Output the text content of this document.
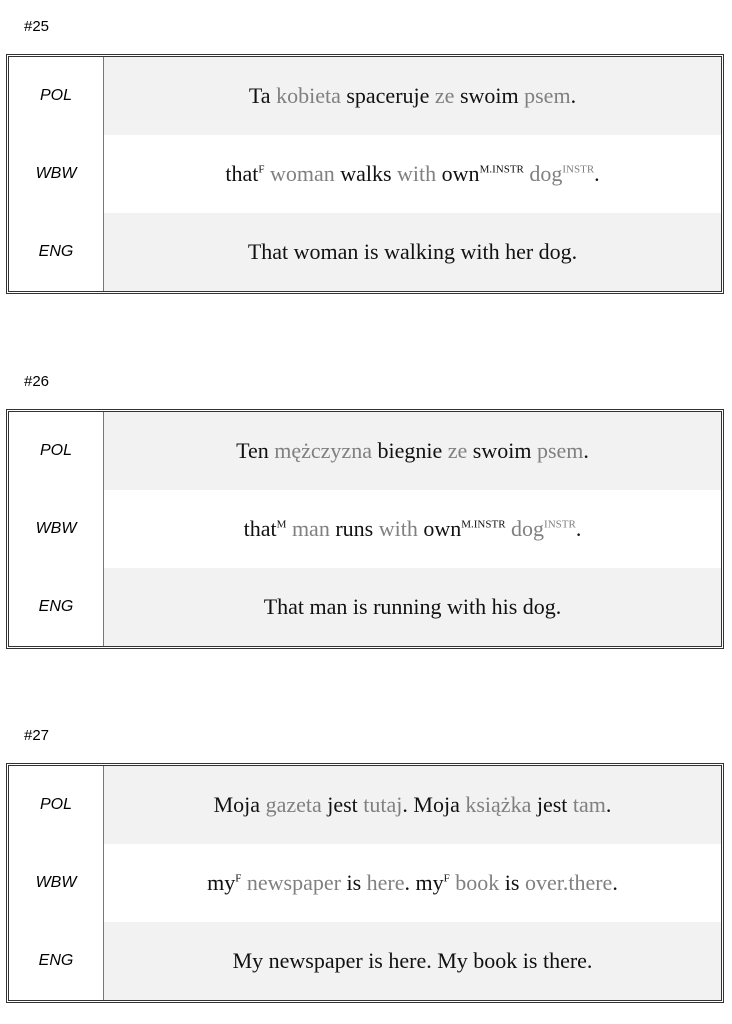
#25
POL	Ta kobieta spaceruje ze swoim psem.
WBW	that$^F$ woman walks with own$^{M.INSTR}$ dog$^{INSTR}$.
ENG	That woman is walking with her dog.
#26
POL	Ten mężczyzna biegnie ze swoim psem.
WBW	that$^M$ man runs with own$^{M.INSTR}$ dog$^{INSTR}$.
ENG	That man is running with his dog.
#27
POL	Moja gazeta jest tutaj. Moja książka jest tam.
WBW	$my^F$ newspaper is here. $my^F$ book is over.there.
ENG	My newspaper is here. My book is there.
